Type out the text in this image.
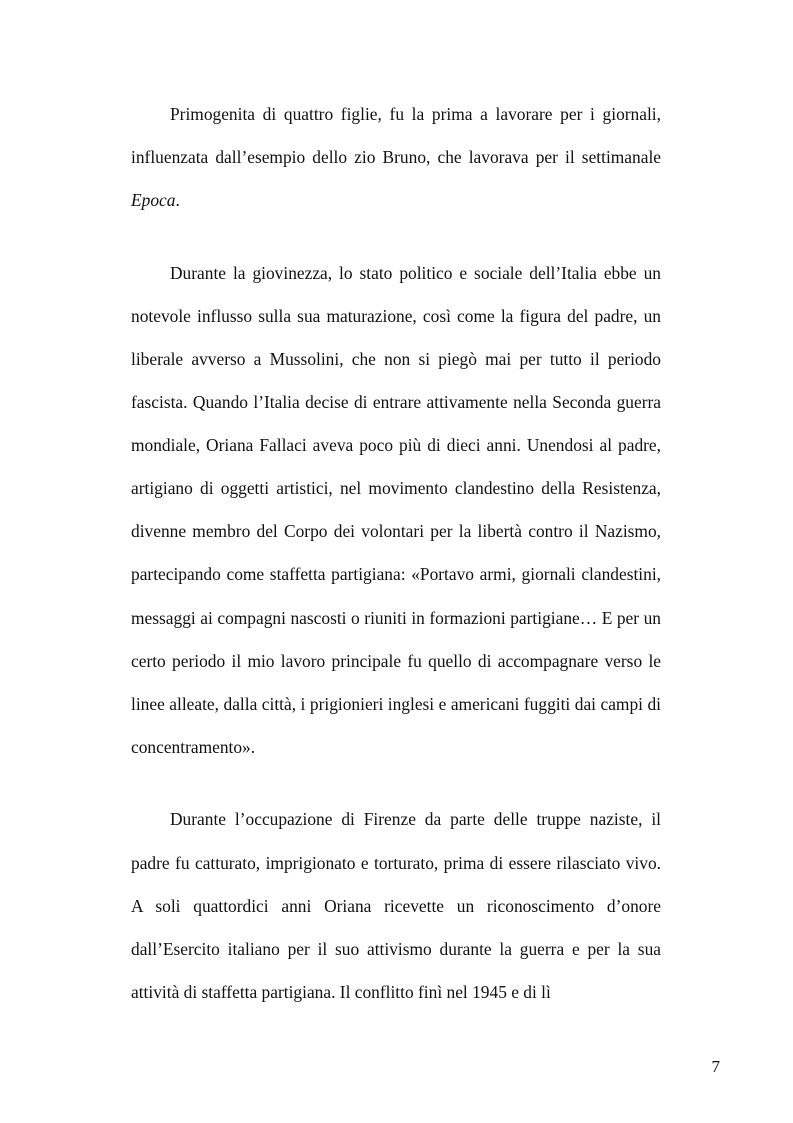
Primogenita di quattro figlie, fu la prima a lavorare per i giornali, influenzata dall’esempio dello zio Bruno, che lavorava per il settimanale Epoca.

Durante la giovinezza, lo stato politico e sociale dell’Italia ebbe un notevole influsso sulla sua maturazione, così come la figura del padre, un liberale avverso a Mussolini, che non si piegò mai per tutto il periodo fascista. Quando l’Italia decise di entrare attivamente nella Seconda guerra mondiale, Oriana Fallaci aveva poco più di dieci anni. Unendosi al padre, artigiano di oggetti artistici, nel movimento clandestino della Resistenza, divenne membro del Corpo dei volontari per la libertà contro il Nazismo, partecipando come staffetta partigiana: «Portavo armi, giornali clandestini, messaggi ai compagni nascosti o riuniti in formazioni partigiane… E per un certo periodo il mio lavoro principale fu quello di accompagnare verso le linee alleate, dalla città, i prigionieri inglesi e americani fuggiti dai campi di concentramento».

Durante l’occupazione di Firenze da parte delle truppe naziste, il padre fu catturato, imprigionato e torturato, prima di essere rilasciato vivo. A soli quattordici anni Oriana ricevette un riconoscimento d’onore dall’Esercito italiano per il suo attivismo durante la guerra e per la sua attività di staffetta partigiana. Il conflitto finì nel 1945 e di lì

7
